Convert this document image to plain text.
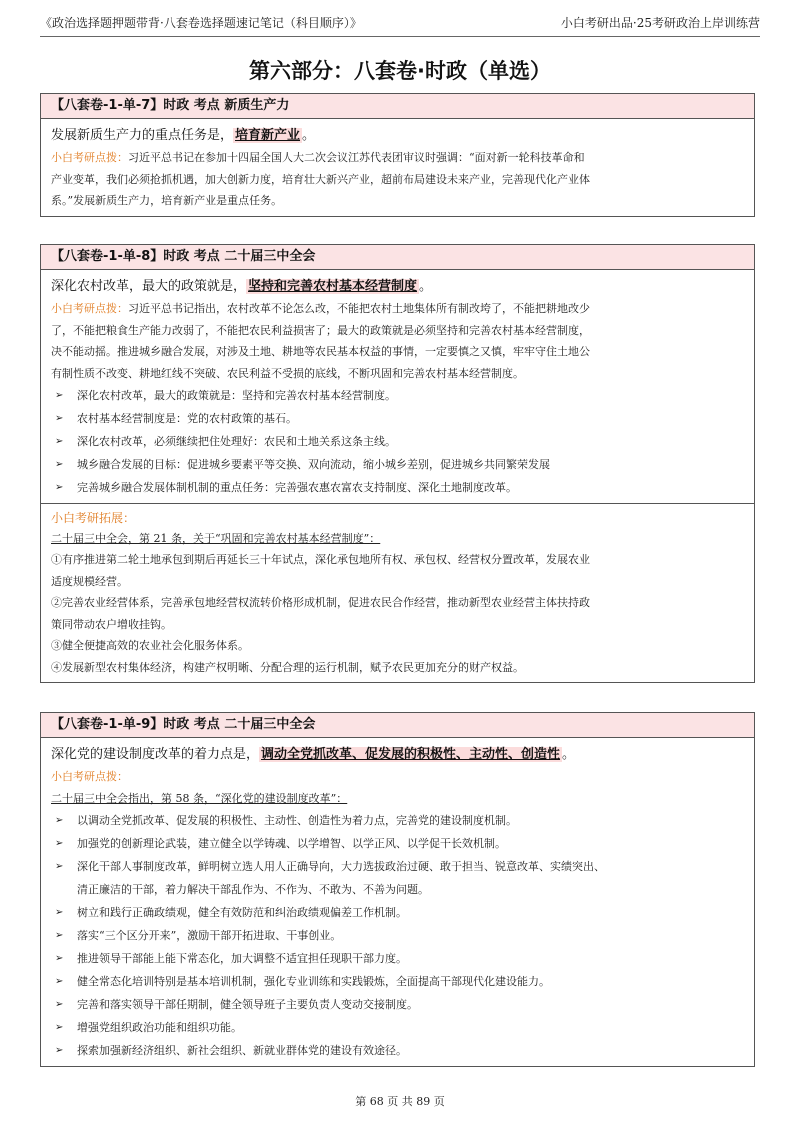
《政治选择题押题带背·八套卷选择题速记笔记（科目顺序）》	小白考研出品·25考研政治上岸训练营
第六部分：八套卷·时政（单选）
【八套卷-1-单-7】时政 考点 新质生产力
发展新质生产力的重点任务是， 培育新产业 。
小白考研点拨：习近平总书记在参加十四届全国人大二次会议江苏代表团审议时强调：“面对新一轮科技革命和
产业变革，我们必须抢抓机遇，加大创新力度，培育壮大新兴产业，超前布局建设未来产业，完善现代化产业体
系。”发展新质生产力，培育新产业是重点任务。
【八套卷-1-单-8】时政 考点 二十届三中全会
深化农村改革，最大的政策就是， 坚持和完善农村基本经营制度 。
小白考研点拨：习近平总书记指出，农村改革不论怎么改，不能把农村土地集体所有制改垮了，不能把耕地改少
了，不能把粮食生产能力改弱了，不能把农民利益损害了；最大的政策就是必须坚持和完善农村基本经营制度，
决不能动摇。推进城乡融合发展，对涉及土地、耕地等农民基本权益的事情，一定要慎之又慎，牢牢守住土地公
有制性质不改变、耕地红线不突破、农民利益不受损的底线，不断巩固和完善农村基本经营制度。
➢ 深化农村改革，最大的政策就是：坚持和完善农村基本经营制度。
➢ 农村基本经营制度是：党的农村政策的基石。
➢ 深化农村改革，必须继续把住处理好：农民和土地关系这条主线。
➢ 城乡融合发展的目标：促进城乡要素平等交换、双向流动，缩小城乡差别，促进城乡共同繁荣发展
➢ 完善城乡融合发展体制机制的重点任务：完善强农惠农富农支持制度、深化土地制度改革。
小白考研拓展：
二十届三中全会，第 21 条，关于“巩固和完善农村基本经营制度”：
①有序推进第二轮土地承包到期后再延长三十年试点，深化承包地所有权、承包权、经营权分置改革，发展农业
适度规模经营。
②完善农业经营体系，完善承包地经营权流转价格形成机制，促进农民合作经营，推动新型农业经营主体扶持政
策同带动农户增收挂钩。
③健全便捷高效的农业社会化服务体系。
④发展新型农村集体经济，构建产权明晰、分配合理的运行机制，赋予农民更加充分的财产权益。
【八套卷-1-单-9】时政 考点 二十届三中全会
深化党的建设制度改革的着力点是， 调动全党抓改革、促发展的积极性、主动性、创造性 。
小白考研点拨：
二十届三中全会指出，第 58 条，“深化党的建设制度改革”：
➢ 以调动全党抓改革、促发展的积极性、主动性、创造性为着力点，完善党的建设制度机制。
➢ 加强党的创新理论武装，建立健全以学铸魂、以学增智、以学正风、以学促干长效机制。
➢ 深化干部人事制度改革，鲜明树立选人用人正确导向，大力选拔政治过硬、敢于担当、锐意改革、实绩突出、
清正廉洁的干部，着力解决干部乱作为、不作为、不敢为、不善为问题。
➢ 树立和践行正确政绩观，健全有效防范和纠治政绩观偏差工作机制。
➢ 落实“三个区分开来”，激励干部开拓进取、干事创业。
➢ 推进领导干部能上能下常态化，加大调整不适宜担任现职干部力度。
➢ 健全常态化培训特别是基本培训机制，强化专业训练和实践锻炼，全面提高干部现代化建设能力。
➢ 完善和落实领导干部任期制，健全领导班子主要负责人变动交接制度。
➢ 增强党组织政治功能和组织功能。
➢ 探索加强新经济组织、新社会组织、新就业群体党的建设有效途径。
第 68 页 共 89 页
